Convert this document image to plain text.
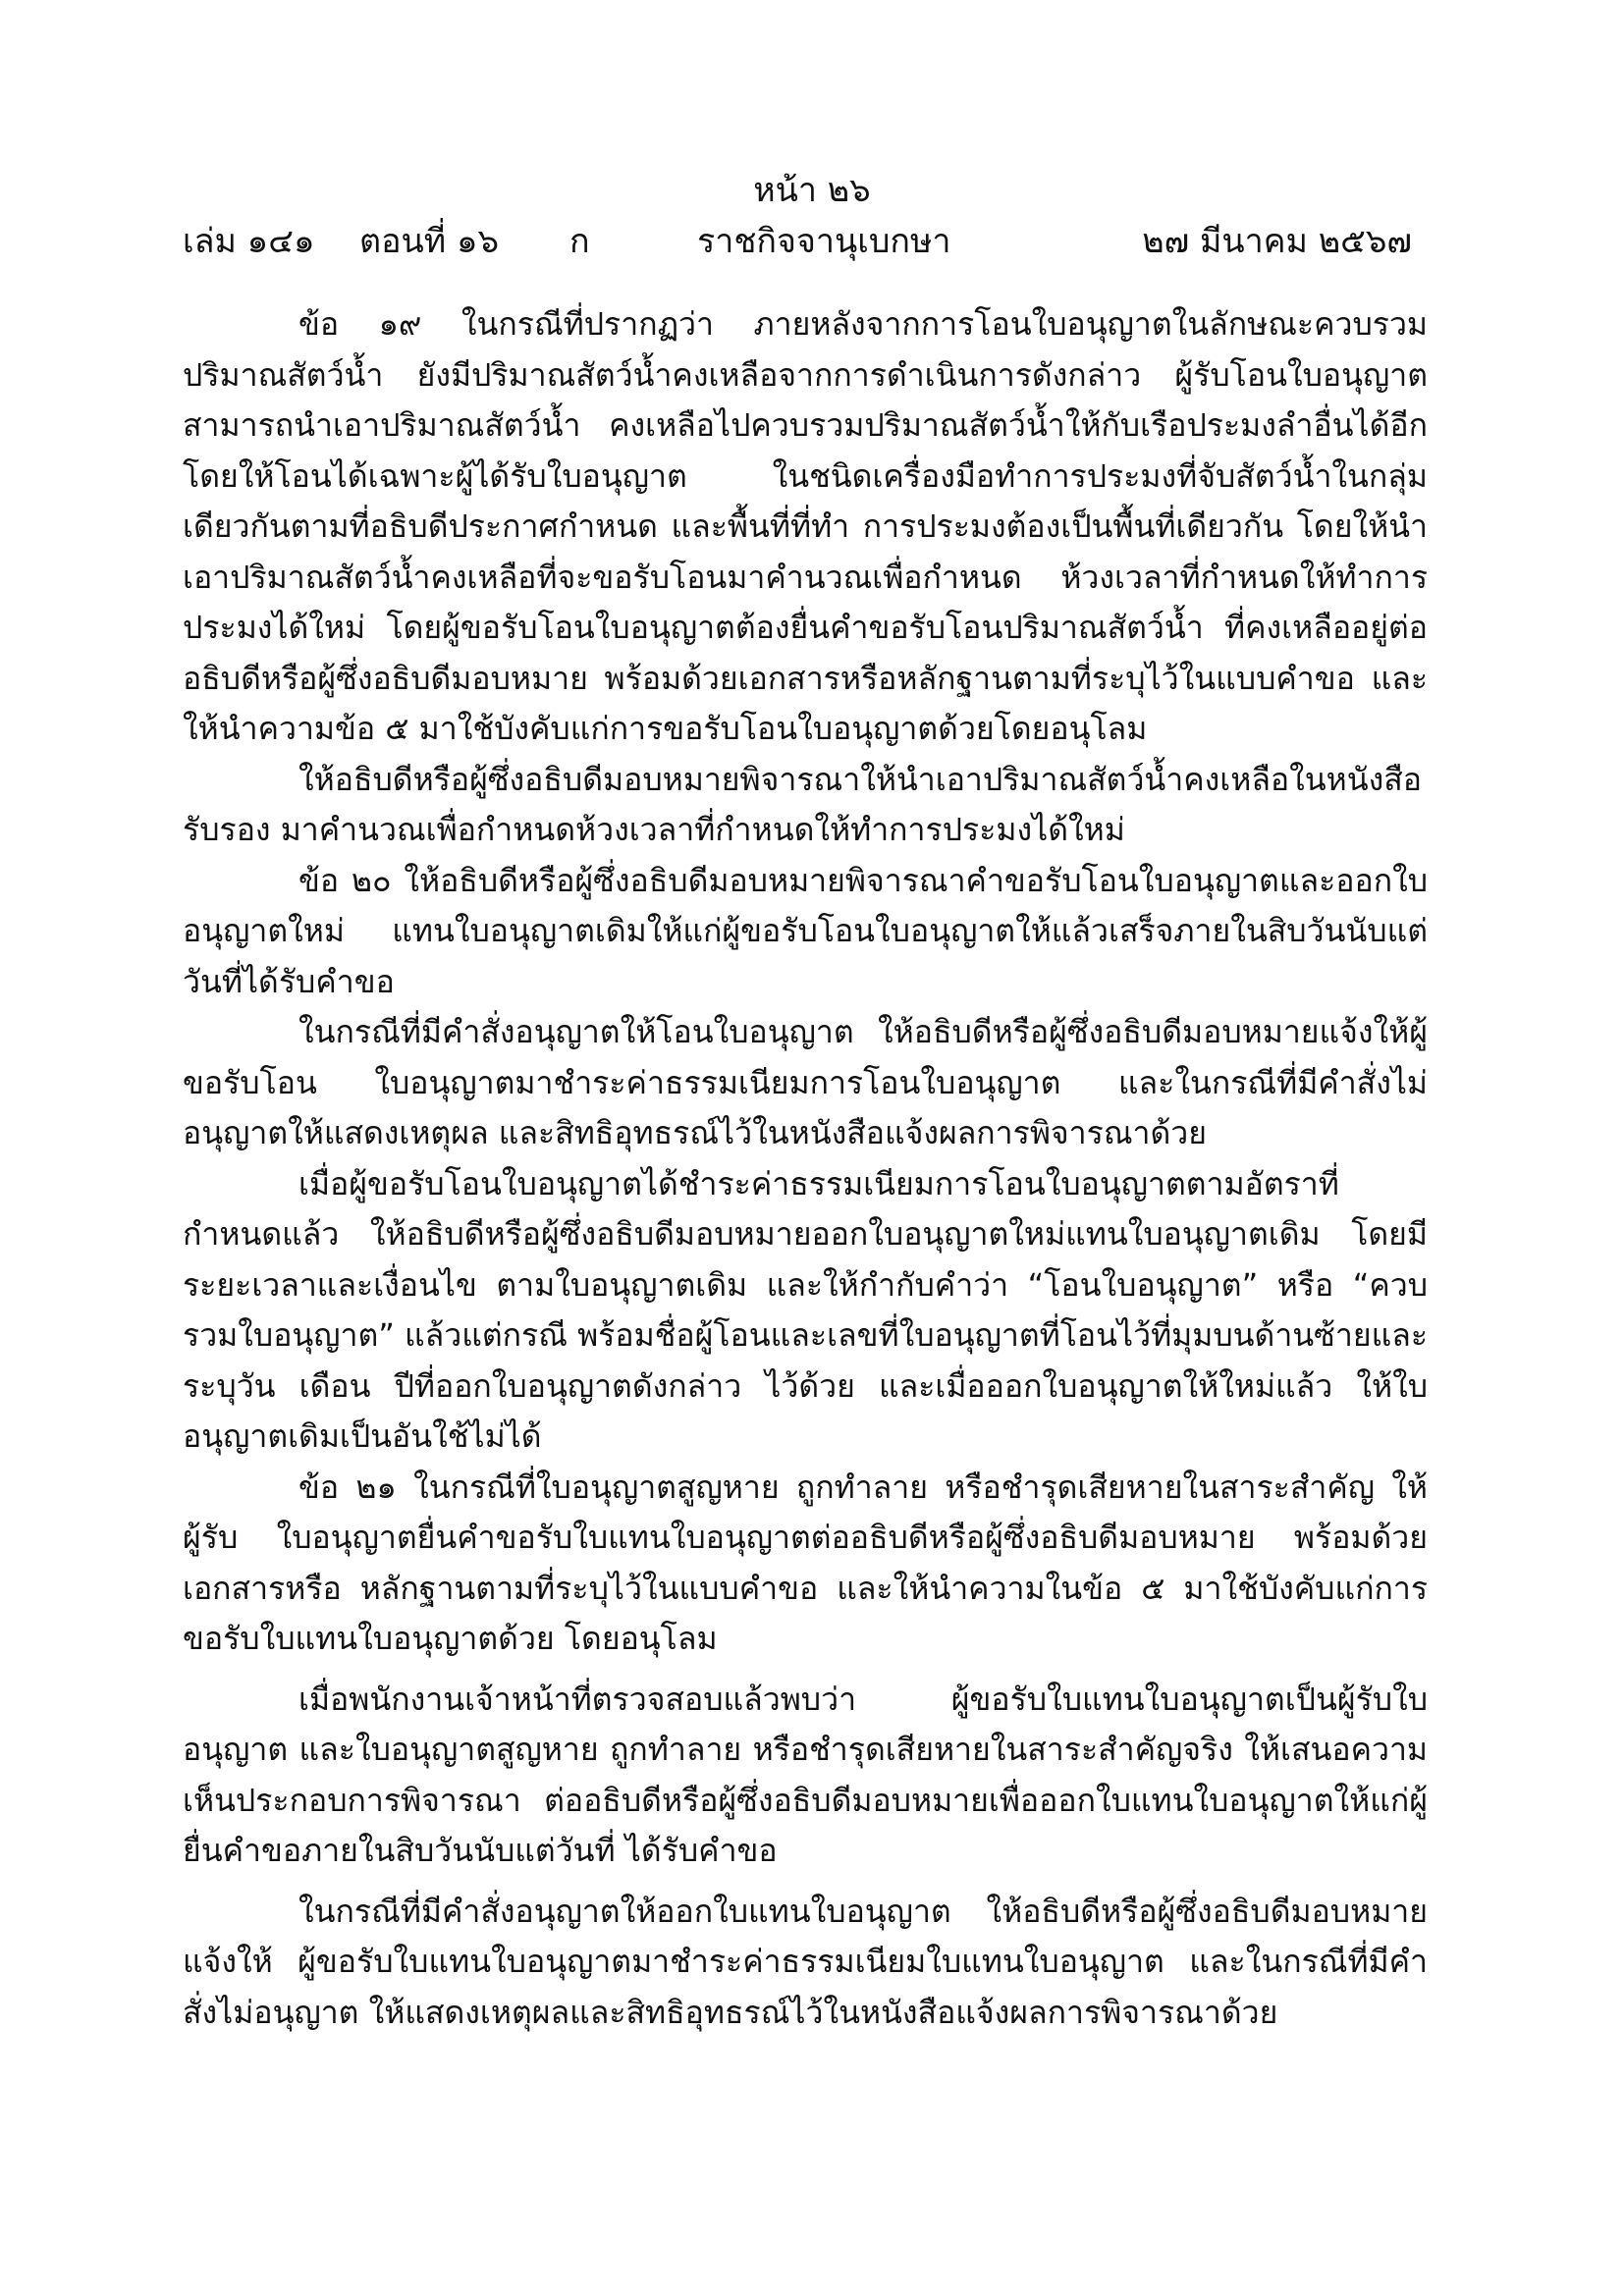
หน้า ๒๖
เล่ม ๑๔๑ ตอนที่ ๑๖ ก	ราชกิจจานุเบกษา	๒๗ มีนาคม ๒๕๖๗

ข้อ ๑๙ ในกรณีที่ปรากฏว่า ภายหลังจากการโอนใบอนุญาตในลักษณะควบรวมปริมาณสัตว์น้ำ ยังมีปริมาณสัตว์น้ำคงเหลือจากการดำเนินการดังกล่าว ผู้รับโอนใบอนุญาตสามารถนำเอาปริมาณสัตว์น้ำ คงเหลือไปควบรวมปริมาณสัตว์น้ำให้กับเรือประมงลำอื่นได้อีก โดยให้โอนได้เฉพาะผู้ได้รับใบอนุญาต ในชนิดเครื่องมือทำการประมงที่จับสัตว์น้ำในกลุ่มเดียวกันตามที่อธิบดีประกาศกำหนด และพื้นที่ที่ทำ การประมงต้องเป็นพื้นที่เดียวกัน โดยให้นำเอาปริมาณสัตว์น้ำคงเหลือที่จะขอรับโอนมาคำนวณเพื่อกำหนด ห้วงเวลาที่กำหนดให้ทำการประมงได้ใหม่ โดยผู้ขอรับโอนใบอนุญาตต้องยื่นคำขอรับโอนปริมาณสัตว์น้ำ ที่คงเหลืออยู่ต่ออธิบดีหรือผู้ซึ่งอธิบดีมอบหมาย พร้อมด้วยเอกสารหรือหลักฐานตามที่ระบุไว้ในแบบคำขอ และให้นำความข้อ ๕ มาใช้บังคับแก่การขอรับโอนใบอนุญาตด้วยโดยอนุโลม

ให้อธิบดีหรือผู้ซึ่งอธิบดีมอบหมายพิจารณาให้นำเอาปริมาณสัตว์น้ำคงเหลือในหนังสือรับรอง มาคำนวณเพื่อกำหนดห้วงเวลาที่กำหนดให้ทำการประมงได้ใหม่

ข้อ ๒๐ ให้อธิบดีหรือผู้ซึ่งอธิบดีมอบหมายพิจารณาคำขอรับโอนใบอนุญาตและออกใบอนุญาตใหม่ แทนใบอนุญาตเดิมให้แก่ผู้ขอรับโอนใบอนุญาตให้แล้วเสร็จภายในสิบวันนับแต่วันที่ได้รับคำขอ

ในกรณีที่มีคำสั่งอนุญาตให้โอนใบอนุญาต ให้อธิบดีหรือผู้ซึ่งอธิบดีมอบหมายแจ้งให้ผู้ขอรับโอน ใบอนุญาตมาชำระค่าธรรมเนียมการโอนใบอนุญาต และในกรณีที่มีคำสั่งไม่อนุญาตให้แสดงเหตุผล และสิทธิอุทธรณ์ไว้ในหนังสือแจ้งผลการพิจารณาด้วย

เมื่อผู้ขอรับโอนใบอนุญาตได้ชำระค่าธรรมเนียมการโอนใบอนุญาตตามอัตราที่กำหนดแล้ว ให้อธิบดีหรือผู้ซึ่งอธิบดีมอบหมายออกใบอนุญาตใหม่แทนใบอนุญาตเดิม โดยมีระยะเวลาและเงื่อนไข ตามใบอนุญาตเดิม และให้กำกับคำว่า “โอนใบอนุญาต” หรือ “ควบรวมใบอนุญาต” แล้วแต่กรณี พร้อมชื่อผู้โอนและเลขที่ใบอนุญาตที่โอนไว้ที่มุมบนด้านซ้ายและระบุวัน เดือน ปีที่ออกใบอนุญาตดังกล่าว ไว้ด้วย และเมื่อออกใบอนุญาตให้ใหม่แล้ว ให้ใบอนุญาตเดิมเป็นอันใช้ไม่ได้

ข้อ ๒๑ ในกรณีที่ใบอนุญาตสูญหาย ถูกทำลาย หรือชำรุดเสียหายในสาระสำคัญ ให้ผู้รับ ใบอนุญาตยื่นคำขอรับใบแทนใบอนุญาตต่ออธิบดีหรือผู้ซึ่งอธิบดีมอบหมาย พร้อมด้วยเอกสารหรือ หลักฐานตามที่ระบุไว้ในแบบคำขอ และให้นำความในข้อ ๕ มาใช้บังคับแก่การขอรับใบแทนใบอนุญาตด้วย โดยอนุโลม

เมื่อพนักงานเจ้าหน้าที่ตรวจสอบแล้วพบว่า ผู้ขอรับใบแทนใบอนุญาตเป็นผู้รับใบอนุญาต และใบอนุญาตสูญหาย ถูกทำลาย หรือชำรุดเสียหายในสาระสำคัญจริง ให้เสนอความเห็นประกอบการพิจารณา ต่ออธิบดีหรือผู้ซึ่งอธิบดีมอบหมายเพื่อออกใบแทนใบอนุญาตให้แก่ผู้ยื่นคำขอภายในสิบวันนับแต่วันที่ ได้รับคำขอ

ในกรณีที่มีคำสั่งอนุญาตให้ออกใบแทนใบอนุญาต ให้อธิบดีหรือผู้ซึ่งอธิบดีมอบหมายแจ้งให้ ผู้ขอรับใบแทนใบอนุญาตมาชำระค่าธรรมเนียมใบแทนใบอนุญาต และในกรณีที่มีคำสั่งไม่อนุญาต ให้แสดงเหตุผลและสิทธิอุทธรณ์ไว้ในหนังสือแจ้งผลการพิจารณาด้วย
